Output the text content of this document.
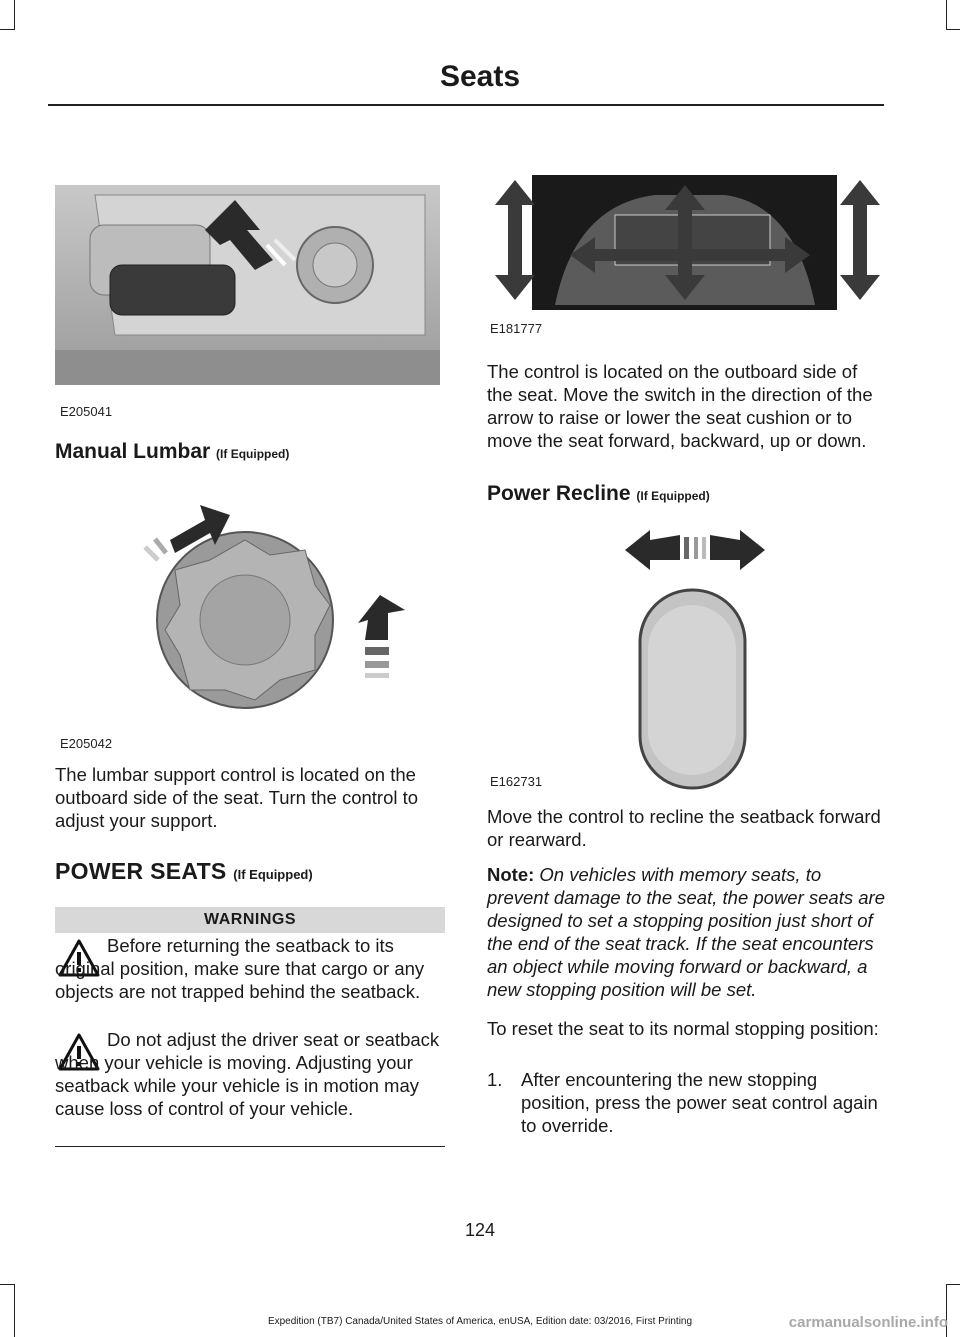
Seats
E205041
Manual Lumbar (If Equipped)
E205042
The lumbar support control is located on the outboard side of the seat. Turn the control to adjust your support.
POWER SEATS (If Equipped)
WARNINGS
Before returning the seatback to its original position, make sure that cargo or any objects are not trapped behind the seatback.
Do not adjust the driver seat or seatback when your vehicle is moving. Adjusting your seatback while your vehicle is in motion may cause loss of control of your vehicle.
E181777
The control is located on the outboard side of the seat. Move the switch in the direction of the arrow to raise or lower the seat cushion or to move the seat forward, backward, up or down.
Power Recline (If Equipped)
E162731
Move the control to recline the seatback forward or rearward.
Note: On vehicles with memory seats, to prevent damage to the seat, the power seats are designed to set a stopping position just short of the end of the seat track. If the seat encounters an object while moving forward or backward, a new stopping position will be set.
To reset the seat to its normal stopping position:
1. After encountering the new stopping position, press the power seat control again to override.
124
Expedition (TB7) Canada/United States of America, enUSA, Edition date: 03/2016, First Printing	carmanualsonline.info
